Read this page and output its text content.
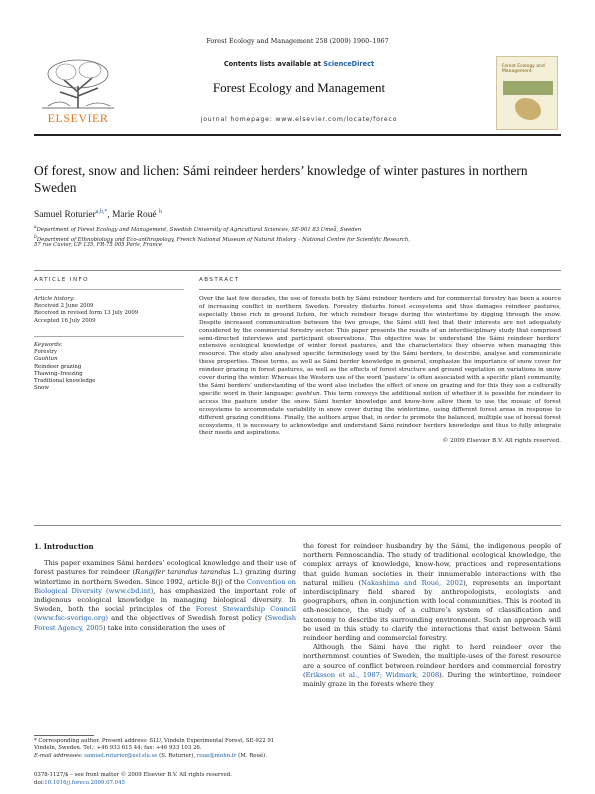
Forest Ecology and Management 258 (2009) 1960–1967
ELSEVIER
Contents lists available at ScienceDirect
Forest Ecology and Management
journal homepage: www.elsevier.com/locate/foreco
Forest Ecology and Management
Of forest, snow and lichen: Sámi reindeer herders’ knowledge of winter pastures in northern Sweden
Samuel Roturier$^{a,b,*}$, Marie Roué $^b$
$^a$Department of Forest Ecology and Management, Swedish University of Agricultural Sciences, SE-901 83 Umeå, Sweden
$^b$Department of Ethnobiology and Eco-anthropology, French National Museum of Natural History – National Centre for Scientific Research,
57 rue Cuvier, CP 135, FR-75 005 Paris, France
ARTICLE INFO	ABSTRACT
Article history:
Received 2 June 2009
Received in revised form 13 July 2009
Accepted 16 July 2009
Keywords:
Forestry
Guohtun
Reindeer grazing
Thawing–freezing
Traditional knowledge
Snow
Over the last few decades, the use of forests both by Sámi reindeer herders and for commercial forestry has been a source of increasing conflict in northern Sweden. Forestry disturbs forest ecosystems and thus damages reindeer pastures, especially those rich in ground lichen, for which reindeer forage during the wintertime by digging through the snow. Despite increased communication between the two groups, the Sámi still feel that their interests are not adequately considered by the commercial forestry sector. This paper presents the results of an interdisciplinary study that comprised semi-directed interviews and participant observations. The objective was to understand the Sámi reindeer herders’ extensive ecological knowledge of winter forest pastures, and the characteristics they observe when managing this resource. The study also analysed specific terminology used by the Sámi herders, to describe, analyse and communicate these properties. These terms, as well as Sámi herder knowledge in general, emphasize the importance of snow cover for reindeer grazing in forest pastures, as well as the effects of forest structure and ground vegetation on variations in snow cover during the winter. Whereas the Western use of the word ‘pasture’ is often associated with a specific plant community, the Sámi herders’ understanding of the word also includes the effect of snow on grazing and for this they use a culturally specific word in their language: guohtun. This term conveys the additional notion of whether it is possible for reindeer to access the pasture under the snow. Sámi herder knowledge and know-how allow them to use the mosaic of forest ecosystems to accommodate variability in snow cover during the wintertime, using different forest areas in response to different grazing conditions. Finally, the authors argue that, in order to promote the balanced, multiple use of boreal forest ecosystems, it is necessary to acknowledge and understand Sámi reindeer herders knowledge and thus to fully integrate their needs and aspirations.
© 2009 Elsevier B.V. All rights reserved.
1. Introduction

This paper examines Sámi herders’ ecological knowledge and their use of forest pastures for reindeer (Rangifer tarandus tarandus L.) grazing during wintertime in northern Sweden. Since 1992, article 8(j) of the Convention on Biological Diversity (www.cbd.int), has emphasized the important role of indigenous ecological knowledge in managing biological diversity. In Sweden, both the social principles of the Forest Stewardship Council (www.fsc-sverige.org) and the objectives of Swedish forest policy (Swedish Forest Agency, 2005) take into consideration the uses of

the forest for reindeer husbandry by the Sámi, the indigenous people of northern Fennoscandia. The study of traditional ecological knowledge, the complex arrays of knowledge, know-how, practices and representations that guide human societies in their innumerable interactions with the natural milieu (Nakashima and Roué, 2002), represents an important interdisciplinary field shared by anthropologists, ecologists and geographers, often in conjunction with local communities. This is rooted in eth-noscience, the study of a culture’s system of classification and taxonomy to describe its surrounding environment. Such an approach will be used in this study to clarify the interactions that exist between Sámi reindeer herding and commercial forestry.

Although the Sámi have the right to herd reindeer over the northernmost counties of Sweden, the multiple-uses of the forest resource are a source of conflict between reindeer herders and commercial forestry (Eriksson et al., 1987; Widmark, 2008). During the wintertime, reindeer mainly graze in the forests where they

* Corresponding author. Present address: SLU, Vindeln Experimental Forest, SE-922 91 Vindeln, Sweden. Tel.: +46 933 615 44; fax: +46 933 103 26.
E-mail addresses: samuel.roturier@esf.slu.se (S. Roturier), roue@mnhn.fr (M. Roué).
0378-1127/$ – see front matter © 2009 Elsevier B.V. All rights reserved.
doi:10.1016/j.foreco.2009.07.045
